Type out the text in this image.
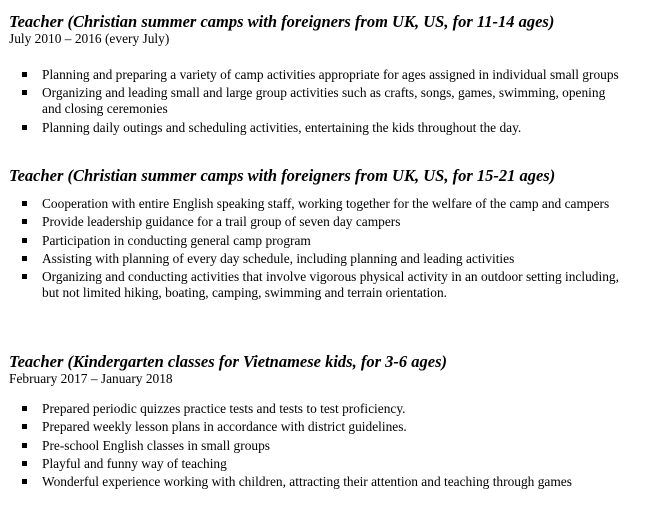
Teacher (Christian summer camps with foreigners from UK, US, for 11-14 ages)

July 2010 – 2016 (every July)

Planning and preparing a variety of camp activities appropriate for ages assigned in individual small groups
Organizing and leading small and large group activities such as crafts, songs, games, swimming, opening and closing ceremonies
Planning daily outings and scheduling activities, entertaining the kids throughout the day.

Teacher (Christian summer camps with foreigners from UK, US, for 15-21 ages)

Cooperation with entire English speaking staff, working together for the welfare of the camp and campers
Provide leadership guidance for a trail group of seven day campers
Participation in conducting general camp program
Assisting with planning of every day schedule, including planning and leading activities
Organizing and conducting activities that involve vigorous physical activity in an outdoor setting including, but not limited hiking, boating, camping, swimming and terrain orientation.

Teacher (Kindergarten classes for Vietnamese kids, for 3-6 ages)

February 2017 – January 2018

Prepared periodic quizzes practice tests and tests to test proficiency.
Prepared weekly lesson plans in accordance with district guidelines.
Pre-school English classes in small groups
Playful and funny way of teaching
Wonderful experience working with children, attracting their attention and teaching through games
